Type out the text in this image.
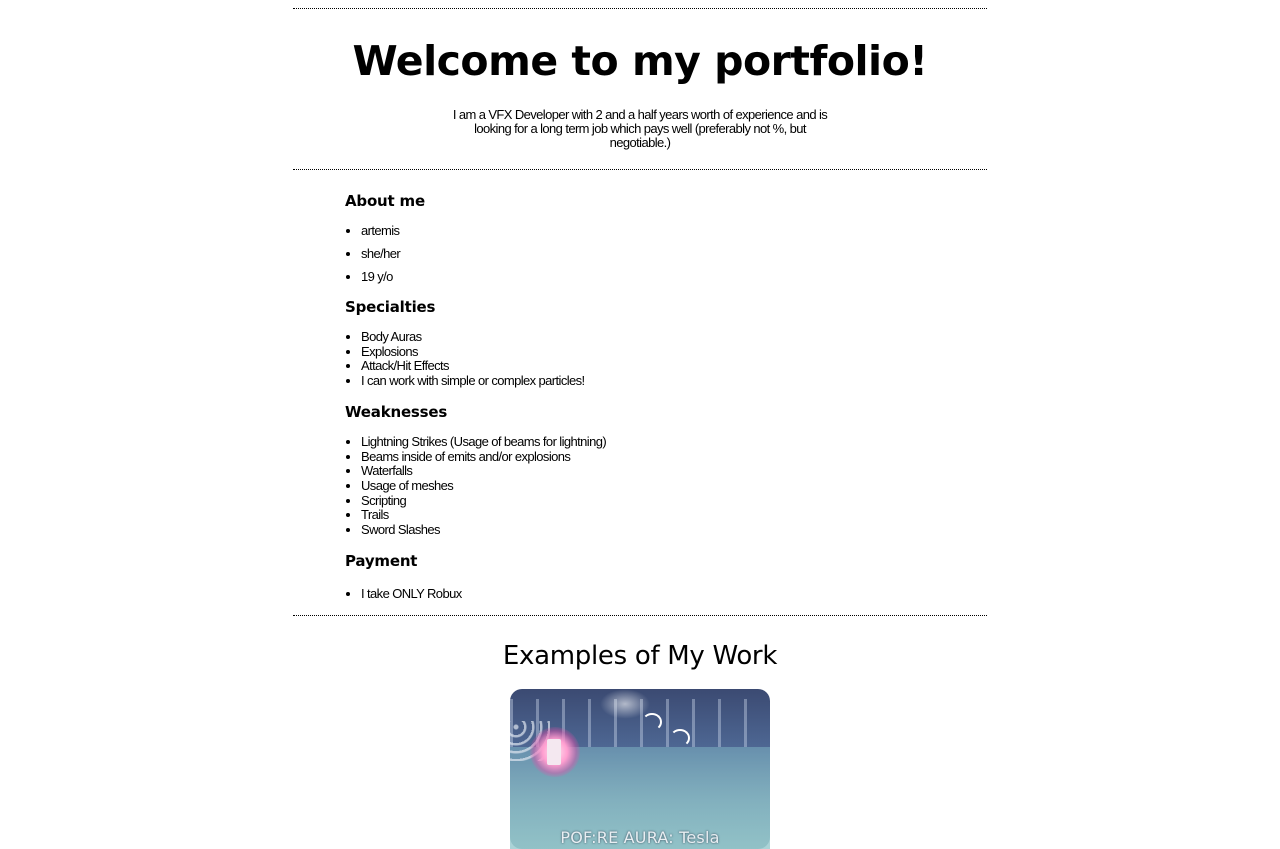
Welcome to my portfolio!

I am a VFX Developer with 2 and a half years worth of experience and is looking for a long term job which pays well (preferably not %, but negotiable.)

About me
• artemis
• she/her
• 19 y/o
Specialties
• Body Auras
• Explosions
• Attack/Hit Effects
• I can work with simple or complex particles!
Weaknesses
• Lightning Strikes (Usage of beams for lightning)
• Beams inside of emits and/or explosions
• Waterfalls
• Usage of meshes
• Scripting
• Trails
• Sword Slashes
Payment
• I take ONLY Robux
Examples of My Work
POF:RE AURA: Tesla
